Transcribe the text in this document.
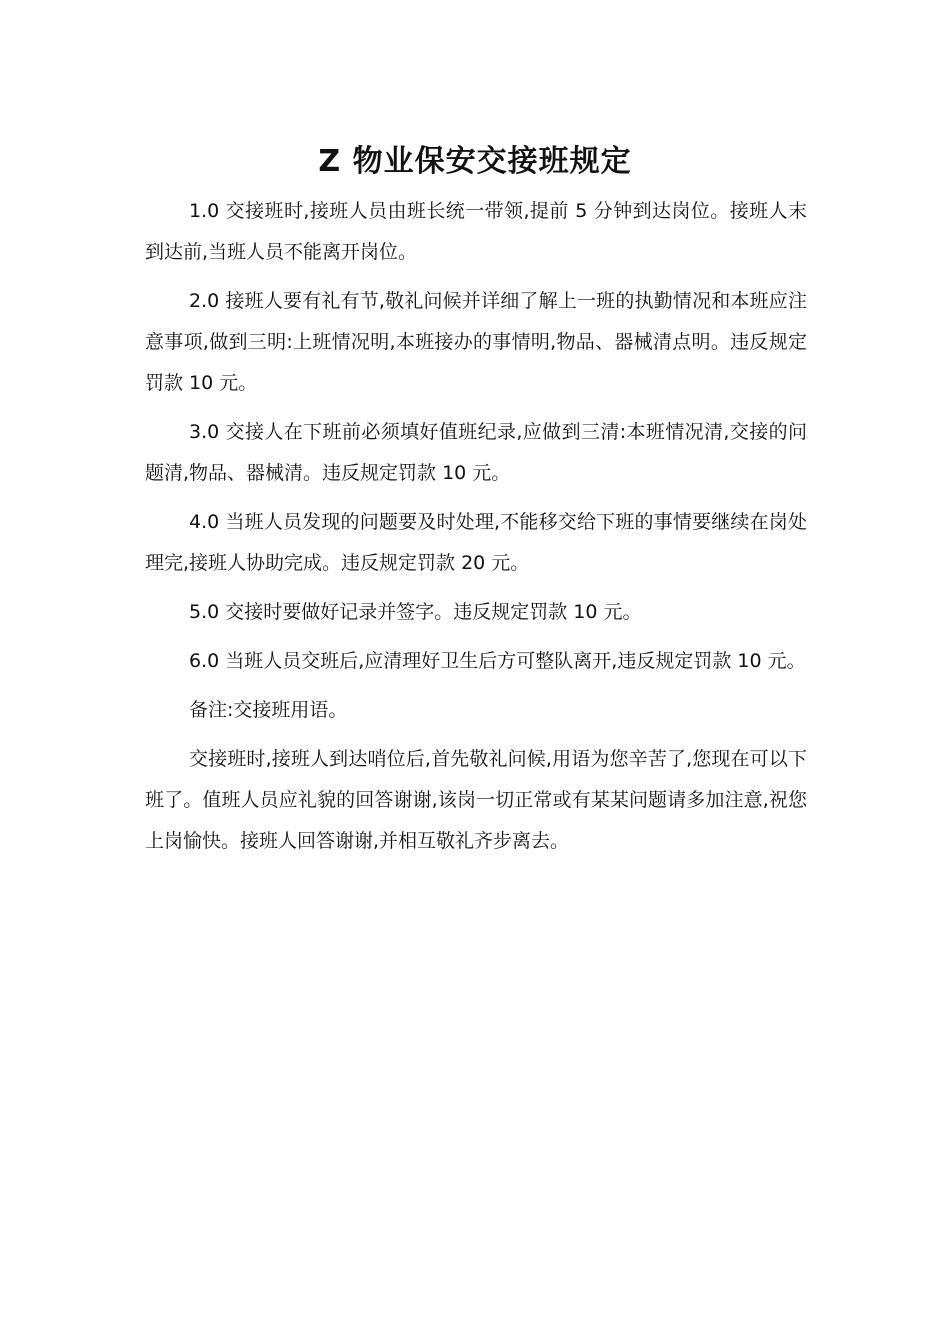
Z 物业保安交接班规定

1.0 交接班时,接班人员由班长统一带领,提前 5 分钟到达岗位。接班人末到达前,当班人员不能离开岗位。

2.0 接班人要有礼有节,敬礼问候并详细了解上一班的执勤情况和本班应注意事项,做到三明:上班情况明,本班接办的事情明,物品、器械清点明。违反规定罚款 10 元。

3.0 交接人在下班前必须填好值班纪录,应做到三清:本班情况清,交接的问题清,物品、器械清。违反规定罚款 10 元。

4.0 当班人员发现的问题要及时处理,不能移交给下班的事情要继续在岗处理完,接班人协助完成。违反规定罚款 20 元。

5.0 交接时要做好记录并签字。违反规定罚款 10 元。

6.0 当班人员交班后,应清理好卫生后方可整队离开,违反规定罚款 10 元。

备注:交接班用语。

交接班时,接班人到达哨位后,首先敬礼问候,用语为您辛苦了,您现在可以下班了。值班人员应礼貌的回答谢谢,该岗一切正常或有某某问题请多加注意,祝您上岗愉快。接班人回答谢谢,并相互敬礼齐步离去。
